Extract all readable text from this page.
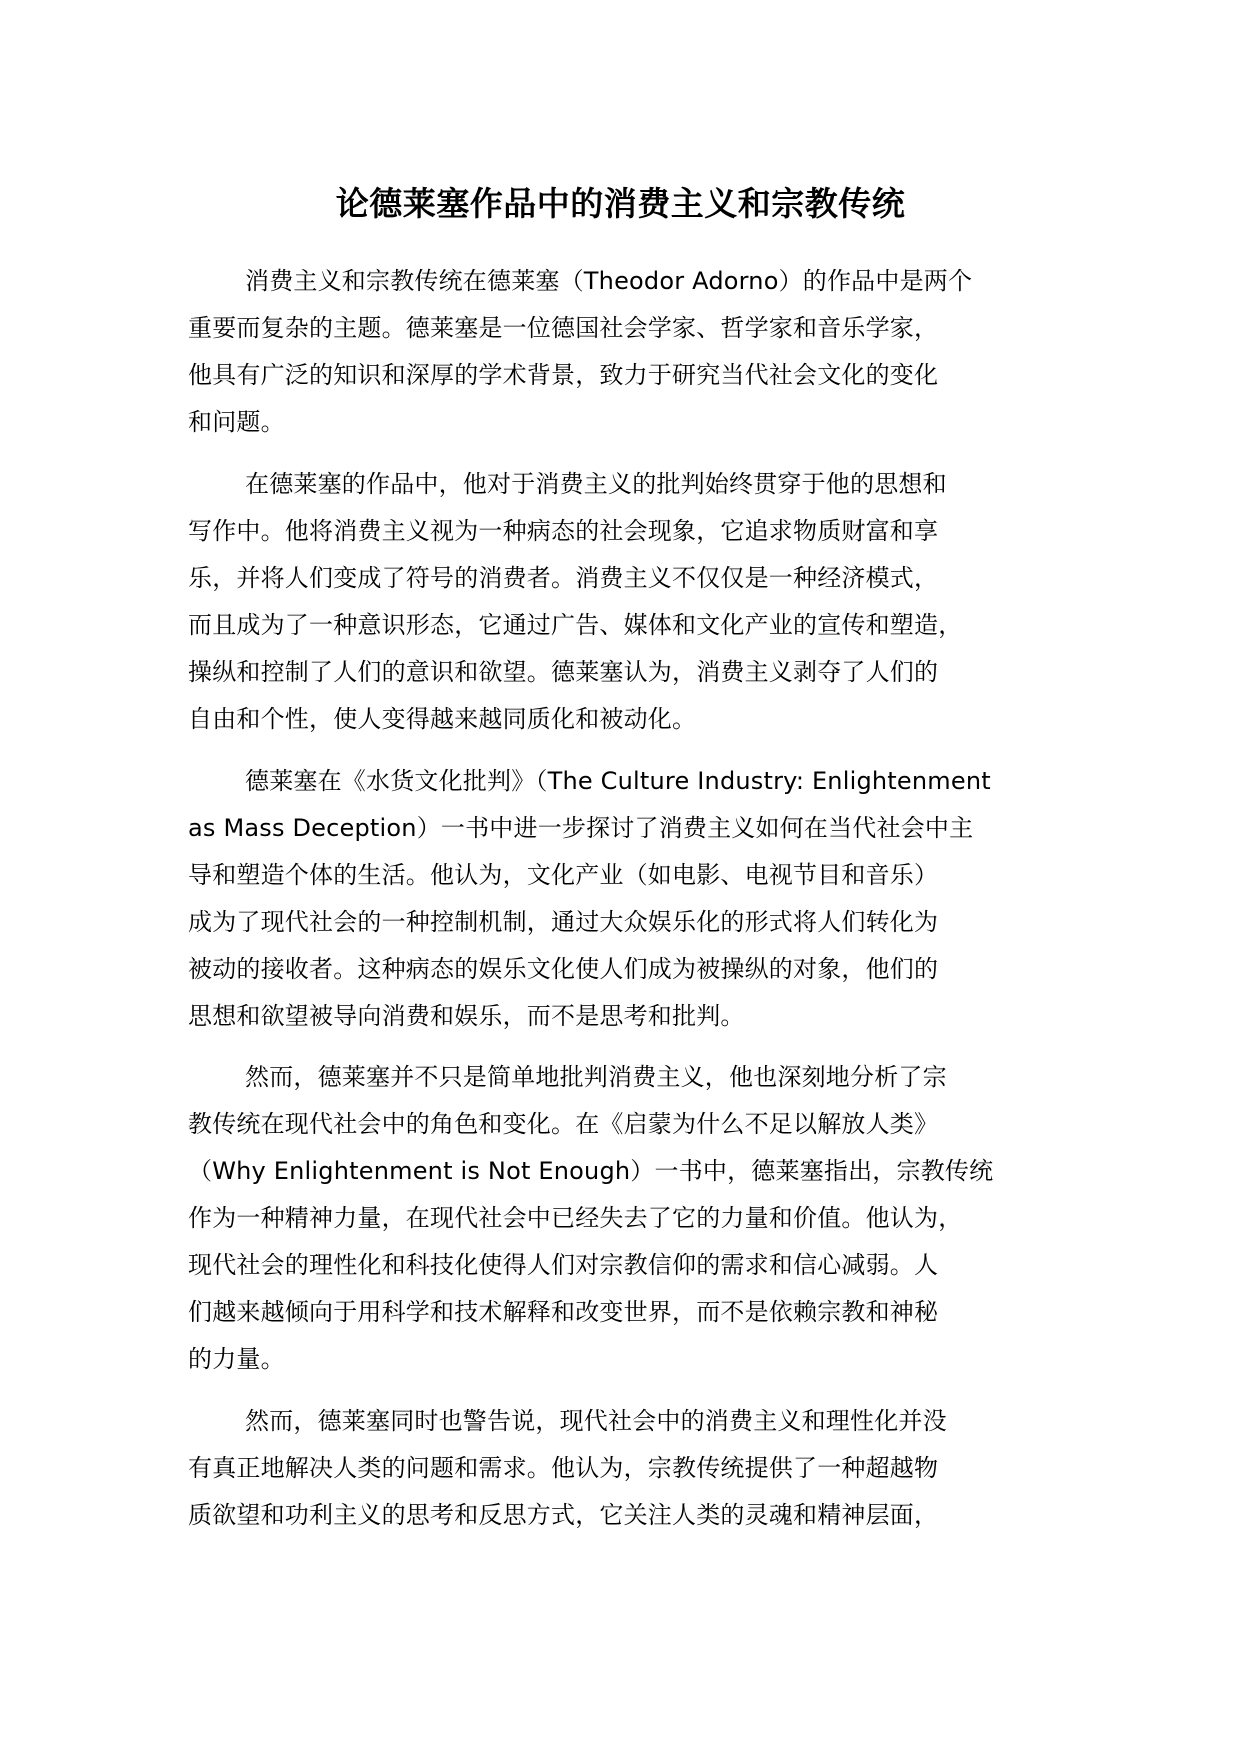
论德莱塞作品中的消费主义和宗教传统
消费主义和宗教传统在德莱塞（Theodor Adorno）的作品中是两个
重要而复杂的主题。德莱塞是一位德国社会学家、哲学家和音乐学家，
他具有广泛的知识和深厚的学术背景，致力于研究当代社会文化的变化
和问题。
在德莱塞的作品中，他对于消费主义的批判始终贯穿于他的思想和
写作中。他将消费主义视为一种病态的社会现象，它追求物质财富和享
乐，并将人们变成了符号的消费者。消费主义不仅仅是一种经济模式，
而且成为了一种意识形态，它通过广告、媒体和文化产业的宣传和塑造，
操纵和控制了人们的意识和欲望。德莱塞认为，消费主义剥夺了人们的
自由和个性，使人变得越来越同质化和被动化。
德莱塞在《水货文化批判》（The Culture Industry: Enlightenment
as Mass Deception）一书中进一步探讨了消费主义如何在当代社会中主
导和塑造个体的生活。他认为，文化产业（如电影、电视节目和音乐）
成为了现代社会的一种控制机制，通过大众娱乐化的形式将人们转化为
被动的接收者。这种病态的娱乐文化使人们成为被操纵的对象，他们的
思想和欲望被导向消费和娱乐，而不是思考和批判。
然而，德莱塞并不只是简单地批判消费主义，他也深刻地分析了宗
教传统在现代社会中的角色和变化。在《启蒙为什么不足以解放人类》
（Why Enlightenment is Not Enough）一书中，德莱塞指出，宗教传统
作为一种精神力量，在现代社会中已经失去了它的力量和价值。他认为，
现代社会的理性化和科技化使得人们对宗教信仰的需求和信心减弱。人
们越来越倾向于用科学和技术解释和改变世界，而不是依赖宗教和神秘
的力量。
然而，德莱塞同时也警告说，现代社会中的消费主义和理性化并没
有真正地解决人类的问题和需求。他认为，宗教传统提供了一种超越物
质欲望和功利主义的思考和反思方式，它关注人类的灵魂和精神层面，
